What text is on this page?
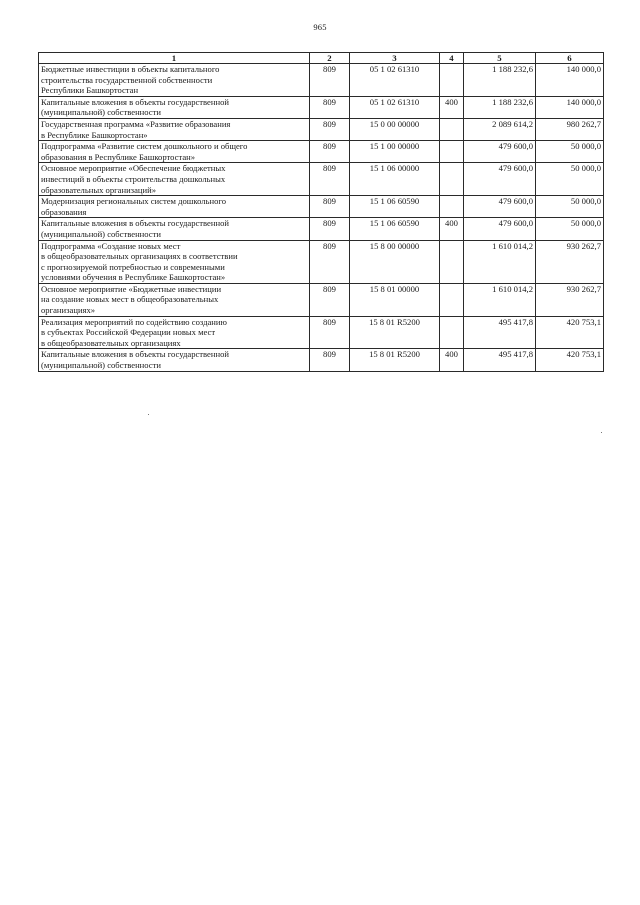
965
1	2	3	4	5	6
Бюджетные инвестиции в объекты капитального
строительства государственной собственности
Республики Башкортостан	809	05 1 02 61310		1 188 232,6	140 000,0
Капитальные вложения в объекты государственной
(муниципальной) собственности	809	05 1 02 61310	400	1 188 232,6	140 000,0
Государственная программа «Развитие образования
в Республике Башкортостан»	809	15 0 00 00000		2 089 614,2	980 262,7
Подпрограмма «Развитие систем дошкольного и общего
образования в Республике Башкортостан»	809	15 1 00 00000		479 600,0	50 000,0
Основное мероприятие «Обеспечение бюджетных
инвестиций в объекты строительства дошкольных
образовательных организаций»	809	15 1 06 00000		479 600,0	50 000,0
Модернизация региональных систем дошкольного
образования	809	15 1 06 60590		479 600,0	50 000,0
Капитальные вложения в объекты государственной
(муниципальной) собственности	809	15 1 06 60590	400	479 600,0	50 000,0
Подпрограмма «Создание новых мест
в общеобразовательных организациях в соответствии
с прогнозируемой потребностью и современными
условиями обучения в Республике Башкортостан»	809	15 8 00 00000		1 610 014,2	930 262,7
Основное мероприятие «Бюджетные инвестиции
на создание новых мест в общеобразовательных
организациях»	809	15 8 01 00000		1 610 014,2	930 262,7
Реализация мероприятий по содействию созданию
в субъектах Российской Федерации новых мест
в общеобразовательных организациях	809	15 8 01 R5200		495 417,8	420 753,1
Капитальные вложения в объекты государственной
(муниципальной) собственности	809	15 8 01 R5200	400	495 417,8	420 753,1
